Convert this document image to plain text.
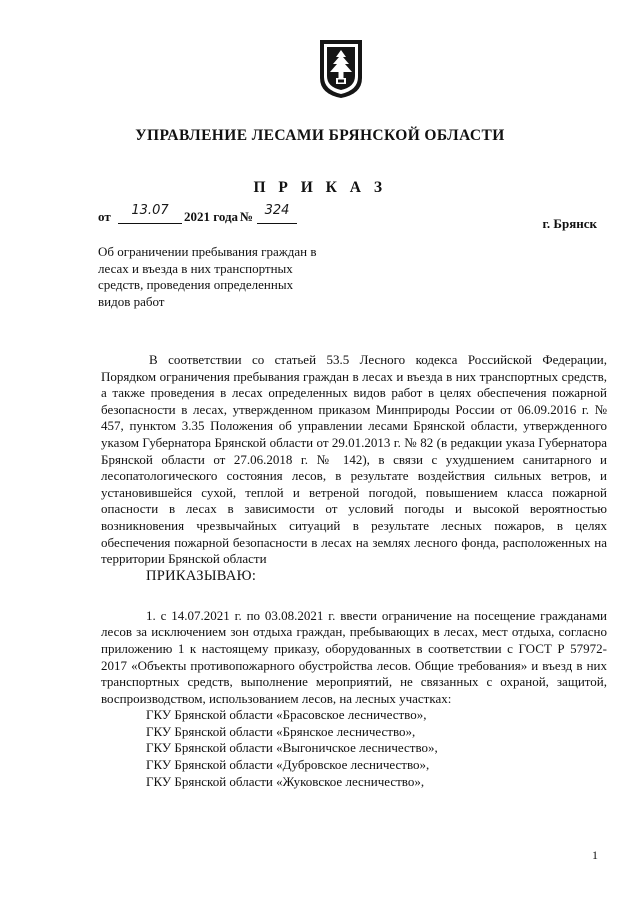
УПРАВЛЕНИЕ ЛЕСАМИ БРЯНСКОЙ ОБЛАСТИ
П Р И К А З
от	13.07	2021 года № 324
г. Брянск
Об ограничении пребывания граждан в лесах и въезда в них транспортных средств, проведения определенных видов работ

В соответствии со статьей 53.5 Лесного кодекса Российской Федерации, Порядком ограничения пребывания граждан в лесах и въезда в них транспортных средств, а также проведения в лесах определенных видов работ в целях обеспечения пожарной безопасности в лесах, утвержденном приказом Минприроды России от 06.09.2016 г. № 457, пунктом 3.35 Положения об управлении лесами Брянской области, утвержденного указом Губернатора Брянской области от 29.01.2013 г. № 82 (в редакции указа Губернатора Брянской области от 27.06.2018 г. № 142), в связи с ухудшением санитарного и лесопатологического состояния лесов, в результате воздействия сильных ветров, и установившейся сухой, теплой и ветреной погодой, повышением класса пожарной опасности в лесах в зависимости от условий погоды и высокой вероятностью возникновения чрезвычайных ситуаций в результате лесных пожаров, в целях обеспечения пожарной безопасности в лесах на землях лесного фонда, расположенных на территории Брянской области

ПРИКАЗЫВАЮ:

1. с 14.07.2021 г. по 03.08.2021 г. ввести ограничение на посещение гражданами лесов за исключением зон отдыха граждан, пребывающих в лесах, мест отдыха, согласно приложению 1 к настоящему приказу, оборудованных в соответствии с ГОСТ Р 57972-2017 «Объекты противопожарного обустройства лесов. Общие требования» и въезд в них транспортных средств, выполнение мероприятий, не связанных с охраной, защитой, воспроизводством, использованием лесов, на лесных участках:

ГКУ Брянской области «Брасовское лесничество»,
ГКУ Брянской области «Брянское лесничество»,
ГКУ Брянской области «Выгоничское лесничество»,
ГКУ Брянской области «Дубровское лесничество»,
ГКУ Брянской области «Жуковское лесничество»,
1
